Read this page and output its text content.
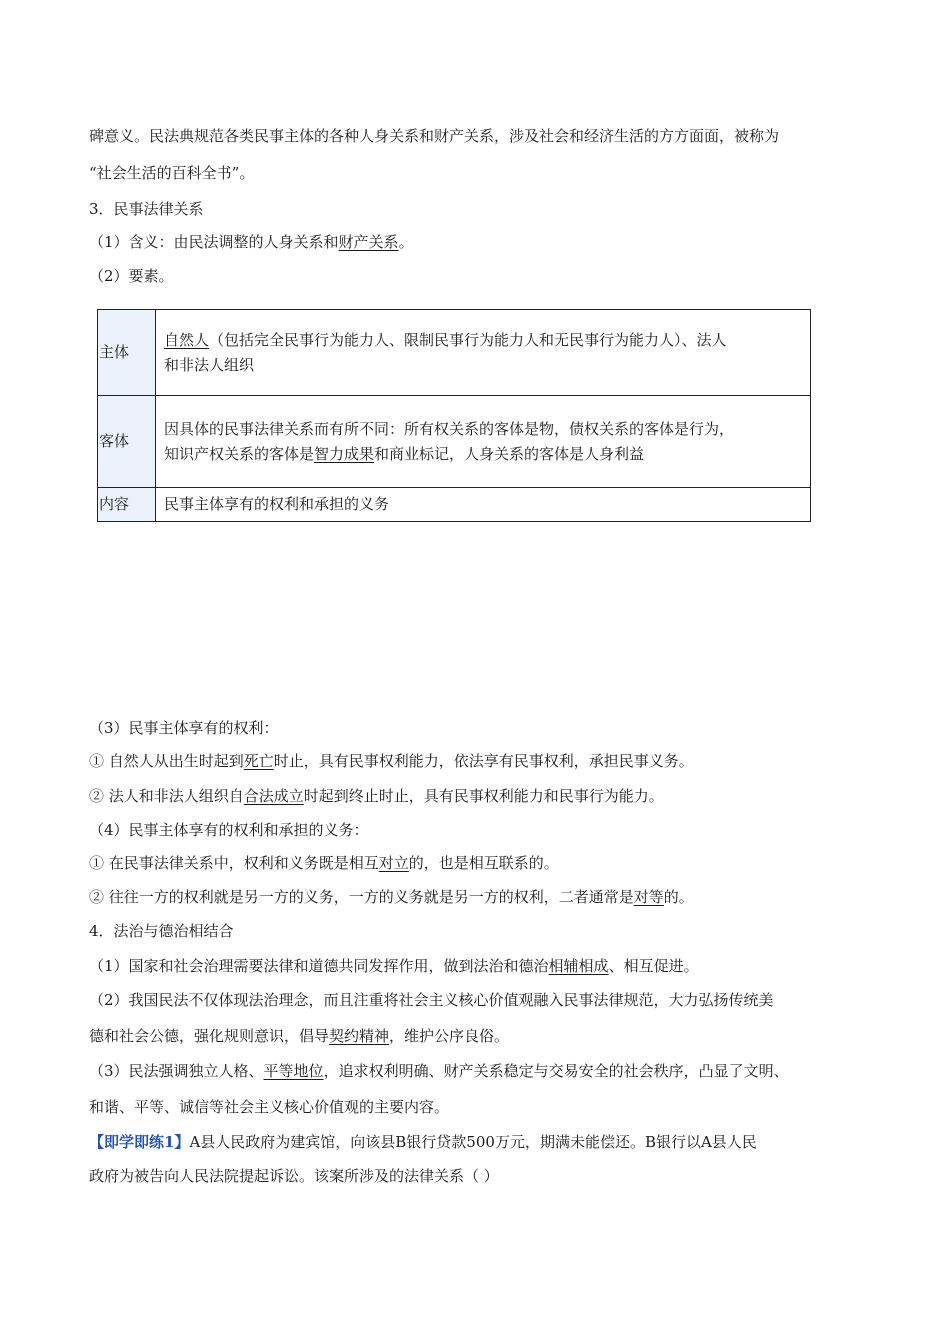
碑意义。民法典规范各类民事主体的各种人身关系和财产关系，涉及社会和经济生活的方方面面，被称为
“社会生活的百科全书”。
3．民事法律关系
（1）含义：由民法调整的人身关系和财产关系。
（2）要素。
主体	自然人（包括完全民事行为能力人、限制民事行为能力人和无民事行为能力人）、法人
和非法人组织

客体	因具体的民事法律关系而有所不同：所有权关系的客体是物，债权关系的客体是行为，
知识产权关系的客体是智力成果和商业标记，人身关系的客体是人身利益

内容	民事主体享有的权利和承担的义务
（3）民事主体享有的权利：
① 自然人从出生时起到死亡时止，具有民事权利能力，依法享有民事权利，承担民事义务。
② 法人和非法人组织自合法成立时起到终止时止，具有民事权利能力和民事行为能力。
（4）民事主体享有的权利和承担的义务：
① 在民事法律关系中，权利和义务既是相互对立的，也是相互联系的。
② 往往一方的权利就是另一方的义务，一方的义务就是另一方的权利，二者通常是对等的。
4．法治与德治相结合
（1）国家和社会治理需要法律和道德共同发挥作用，做到法治和德治相辅相成、相互促进。
（2）我国民法不仅体现法治理念，而且注重将社会主义核心价值观融入民事法律规范，大力弘扬传统美
德和社会公德，强化规则意识，倡导契约精神，维护公序良俗。
（3）民法强调独立人格、平等地位，追求权利明确、财产关系稳定与交易安全的社会秩序，凸显了文明、
和谐、平等、诚信等社会主义核心价值观的主要内容。
【即学即练1】A县人民政府为建宾馆，向该县B银行贷款500万元，期满未能偿还。B银行以A县人民
政府为被告向人民法院提起诉讼。该案所涉及的法律关系（ ）
